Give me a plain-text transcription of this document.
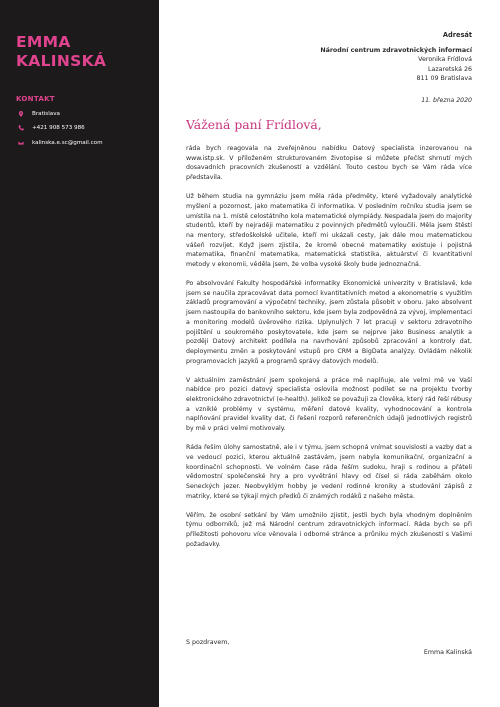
EMMA
KALINSKÁ
KONTAKT
Bratislava
+421 908 573 986
kalinska.e.sc@gmail.com
Adresát
Národní centrum zdravotnických informací
Veronika Frídlová
Lazaretská 26
811 09 Bratislava
11. března 2020
Vážená paní Frídlová,

ráda bych reagovala na zveřejněnou nabídku Datový specialista inzerovanou na www.istp.sk. V přiloženém strukturovaném životopise si můžete přečíst shrnutí mých dosavadních pracovních zkušeností a vzdělání. Touto cestou bych se Vám ráda více představila.

Už během studia na gymnáziu jsem měla ráda předměty, které vyžadovaly analytické myšlení a pozornost, jako matematika či informatika. V posledním ročníku studia jsem se umístila na 1. místě celostátního kola matematické olympiády. Nespadala jsem do majority studentů, kteří by nejraději matematiku z povinných předmětů vyloučili. Měla jsem štěstí na mentory, středoškolské učitele, kteří mi ukázali cesty, jak dále mou matematickou vášeň rozvíjet. Když jsem zjistila, že kromě obecné matematiky existuje i pojistná matematika, finanční matematika, matematická statistika, aktuárství či kvantitativní metody v ekonomii, věděla jsem, že volba vysoké školy bude jednoznačná.

Po absolvování Fakulty hospodářské informatiky Ekonomické univerzity v Bratislavě, kde jsem se naučila zpracovávat data pomocí kvantitativních metod a ekonometrie s využitím základů programování a výpočetní techniky, jsem zůstala působit v oboru. Jako absolvent jsem nastoupila do bankovního sektoru, kde jsem byla zodpovědná za vývoj, implementaci a monitoring modelů úvěrového rizika. Uplynulých 7 let pracuji v sektoru zdravotního pojištění u soukromého poskytovatele, kde jsem se nejprve jako Business analytik a později Datový architekt podílela na navrhování způsobů zpracování a kontroly dat, deploymentu změn a poskytování vstupů pro CRM a BigData analýzy. Ovládám několik programovacích jazyků a programů správy datových modelů.

V aktuálním zaměstnání jsem spokojená a práce mě naplňuje, ale velmi mě ve Vaší nabídce pro pozici datový specialista oslovila možnost podílet se na projektu tvorby elektronického zdravotnictví (e-health). Jelikož se považuji za člověka, který rád řeší rébusy a vzniklé problémy v systému, měření datové kvality, vyhodnocování a kontrola naplňování pravidel kvality dat, či řešení rozporů referenčních údajů jednotlivých registrů by mě v práci velmi motivovaly.

Ráda řeším úlohy samostatně, ale i v týmu, jsem schopná vnímat souvislosti a vazby dat a ve vedoucí pozici, kterou aktuálně zastávám, jsem nabyla komunikační, organizační a koordinační schopnosti. Ve volném čase ráda řeším sudoku, hraji s rodinou a přáteli vědomostní společenské hry a pro vyvětrání hlavy od čísel si ráda zaběhám okolo Seneckých jezer. Neobvyklým hobby je vedení rodinné kroniky a studování zápisů z matriky, které se týkají mých předků či známých rodáků z našeho města.

Věřím, že osobní setkání by Vám umožnilo zjistit, jestli bych byla vhodným doplněním týmu odborníků, jež má Národní centrum zdravotnických informací. Ráda bych se při příležitosti pohovoru více věnovala i odborné stránce a průniku mých zkušeností s Vašimi požadavky.

S pozdravem,
Emma Kalinská
